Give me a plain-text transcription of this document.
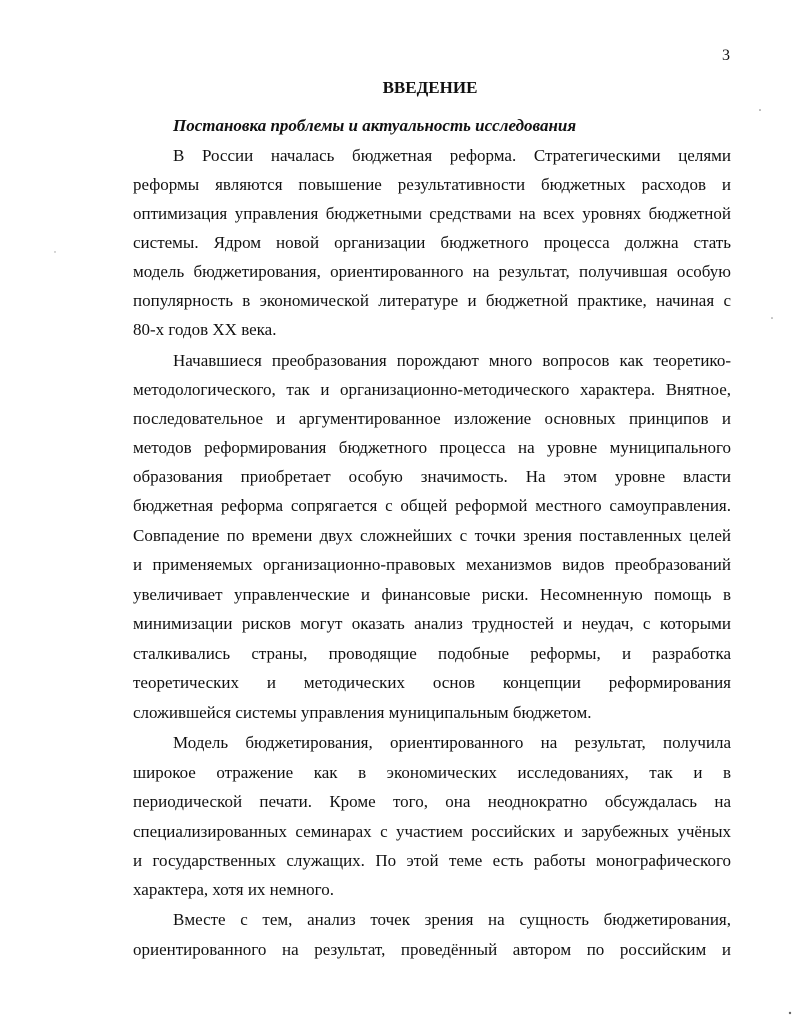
3
ВВЕДЕНИЕ
Постановка проблемы и актуальность исследования
В России началась бюджетная реформа. Стратегическими целями
реформы являются повышение результативности бюджетных расходов и
оптимизация управления бюджетными средствами на всех уровнях бюджетной
системы. Ядром новой организации бюджетного процесса должна стать
модель бюджетирования, ориентированного на результат, получившая особую
популярность в экономической литературе и бюджетной практике, начиная с
80-х годов XX века.
Начавшиеся преобразования порождают много вопросов как теоретико-
методологического, так и организационно-методического характера. Внятное,
последовательное и аргументированное изложение основных принципов и
методов реформирования бюджетного процесса на уровне муниципального
образования приобретает особую значимость. На этом уровне власти
бюджетная реформа сопрягается с общей реформой местного самоуправления.
Совпадение по времени двух сложнейших с точки зрения поставленных целей
и применяемых организационно-правовых механизмов видов преобразований
увеличивает управленческие и финансовые риски. Несомненную помощь в
минимизации рисков могут оказать анализ трудностей и неудач, с которыми
сталкивались страны, проводящие подобные реформы, и разработка
теоретических и методических основ концепции реформирования
сложившейся системы управления муниципальным бюджетом.
Модель бюджетирования, ориентированного на результат, получила
широкое отражение как в экономических исследованиях, так и в
периодической печати. Кроме того, она неоднократно обсуждалась на
специализированных семинарах с участием российских и зарубежных учёных
и государственных служащих. По этой теме есть работы монографического
характера, хотя их немного.
Вместе с тем, анализ точек зрения на сущность бюджетирования,
ориентированного на результат, проведённый автором по российским и
